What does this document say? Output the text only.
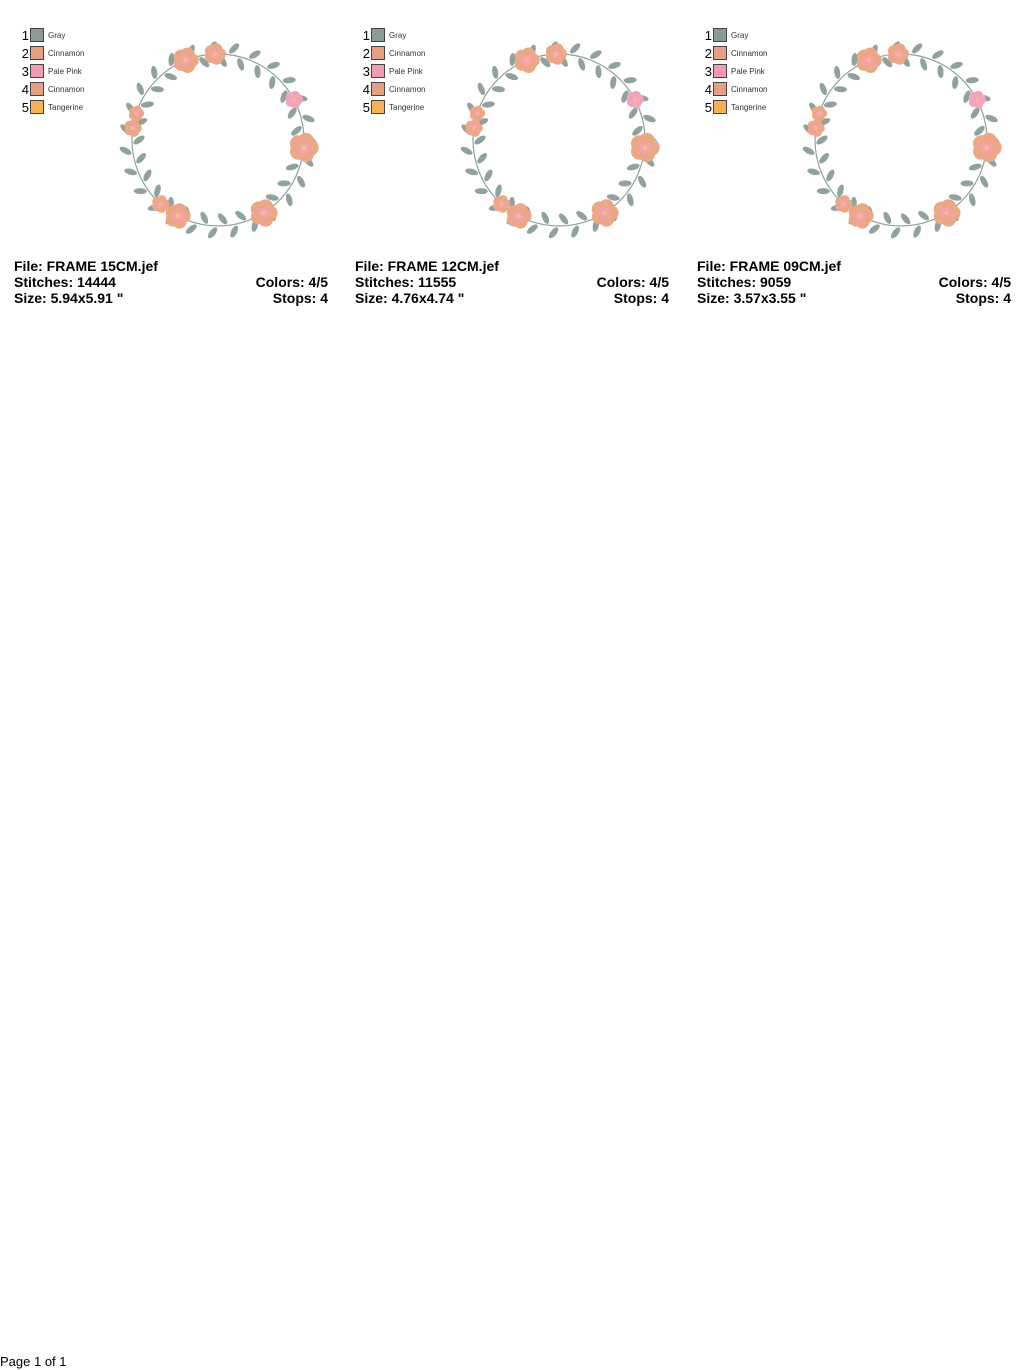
1 Gray
2 Cinnamon
3 Pale Pink
4 Cinnamon
5 Tangerine
File: FRAME 15CM.jef
Stitches: 14444	Colors: 4/5
Size: 5.94x5.91 "	Stops: 4
1 Gray
2 Cinnamon
3 Pale Pink
4 Cinnamon
5 Tangerine
File: FRAME 12CM.jef
Stitches: 11555	Colors: 4/5
Size: 4.76x4.74 "	Stops: 4
1 Gray
2 Cinnamon
3 Pale Pink
4 Cinnamon
5 Tangerine
File: FRAME 09CM.jef
Stitches: 9059	Colors: 4/5
Size: 3.57x3.55 "	Stops: 4
Page 1 of 1
